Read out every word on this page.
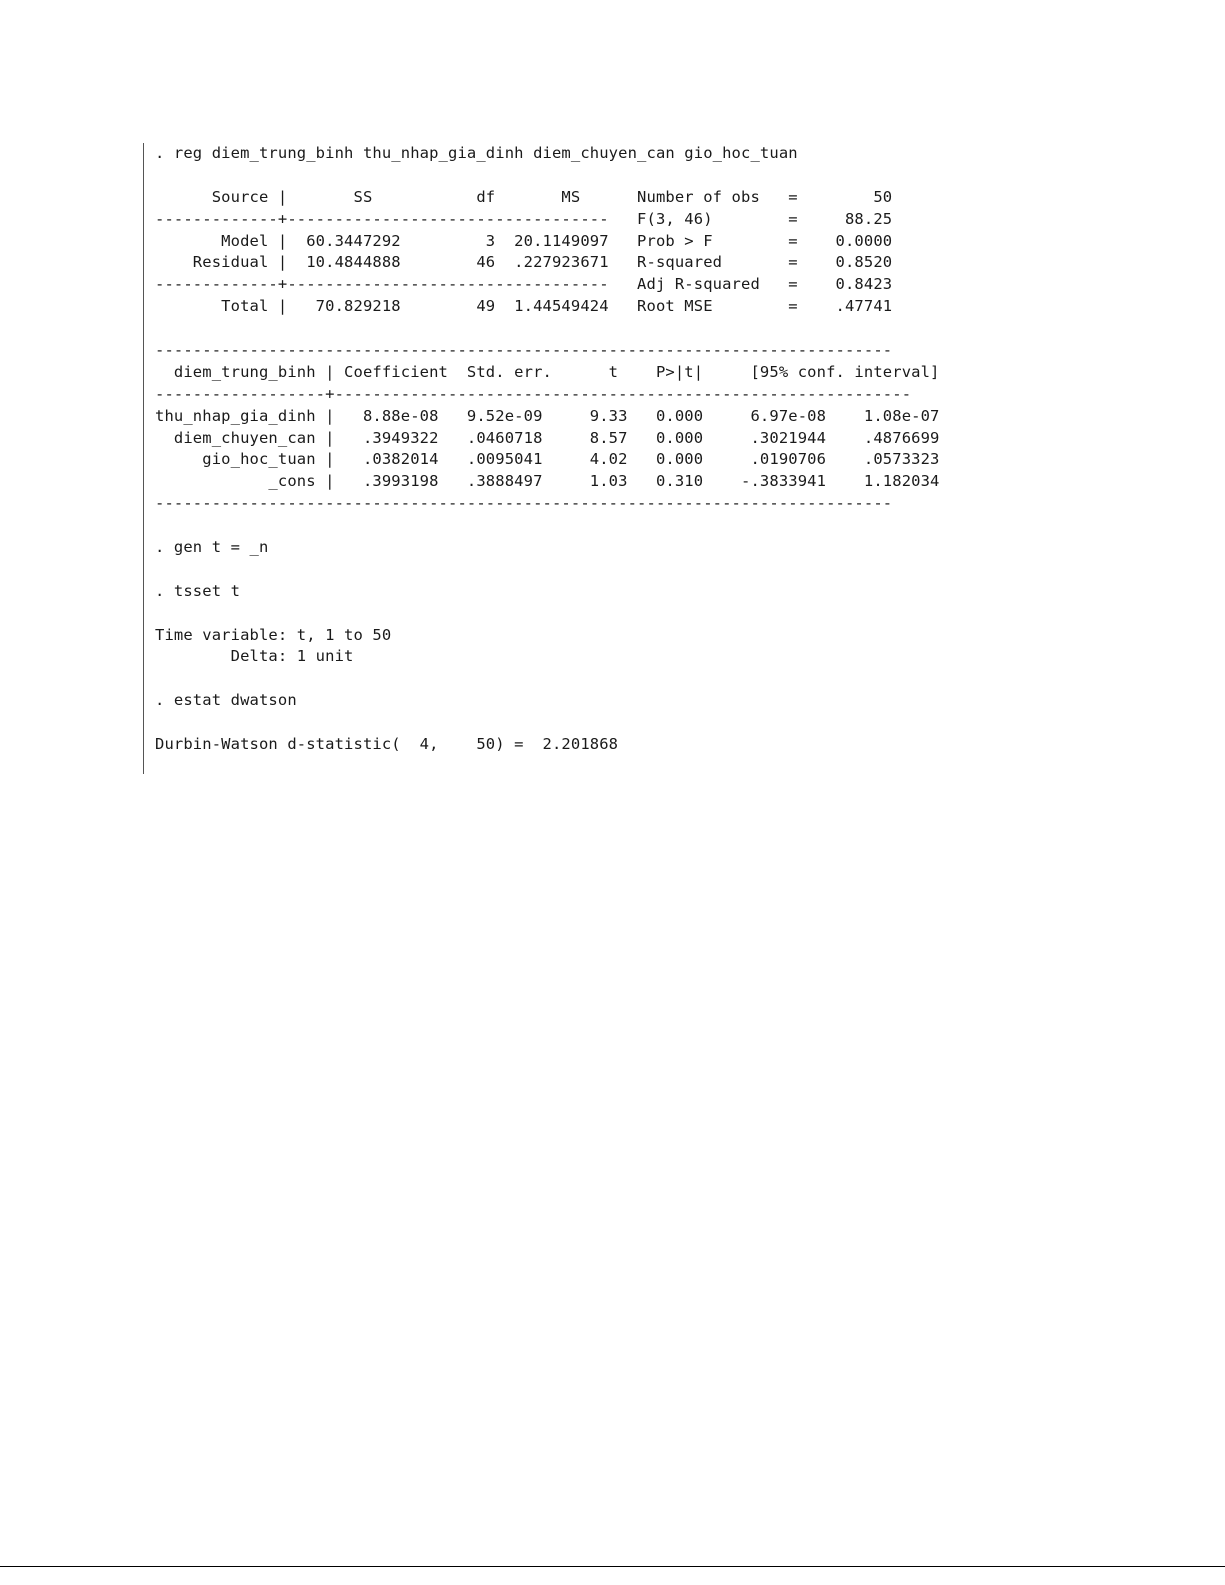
. reg diem_trung_binh thu_nhap_gia_dinh diem_chuyen_can gio_hoc_tuan
Source |       SS           df       MS      Number of obs   =        50
-------------+----------------------------------   F(3, 46)        =     88.25
Model |  60.3447292         3  20.1149097   Prob > F        =    0.0000
Residual |  10.4844888        46  .227923671   R-squared       =    0.8520
-------------+----------------------------------   Adj R-squared   =    0.8423
Total |   70.829218        49  1.44549424   Root MSE        =    .47741
------------------------------------------------------------------------------
diem_trung_binh | Coefficient  Std. err.      t    P>|t|     [95% conf. interval]
------------------+-------------------------------------------------------------
thu_nhap_gia_dinh |   8.88e-08   9.52e-09     9.33   0.000     6.97e-08    1.08e-07
diem_chuyen_can |   .3949322   .0460718     8.57   0.000     .3021944    .4876699
gio_hoc_tuan |   .0382014   .0095041     4.02   0.000     .0190706    .0573323
_cons |   .3993198   .3888497     1.03   0.310    -.3833941    1.182034
------------------------------------------------------------------------------
. gen t = _n
. tsset t
Time variable: t, 1 to 50
Delta: 1 unit
. estat dwatson
Durbin-Watson d-statistic(  4,    50) =  2.201868
